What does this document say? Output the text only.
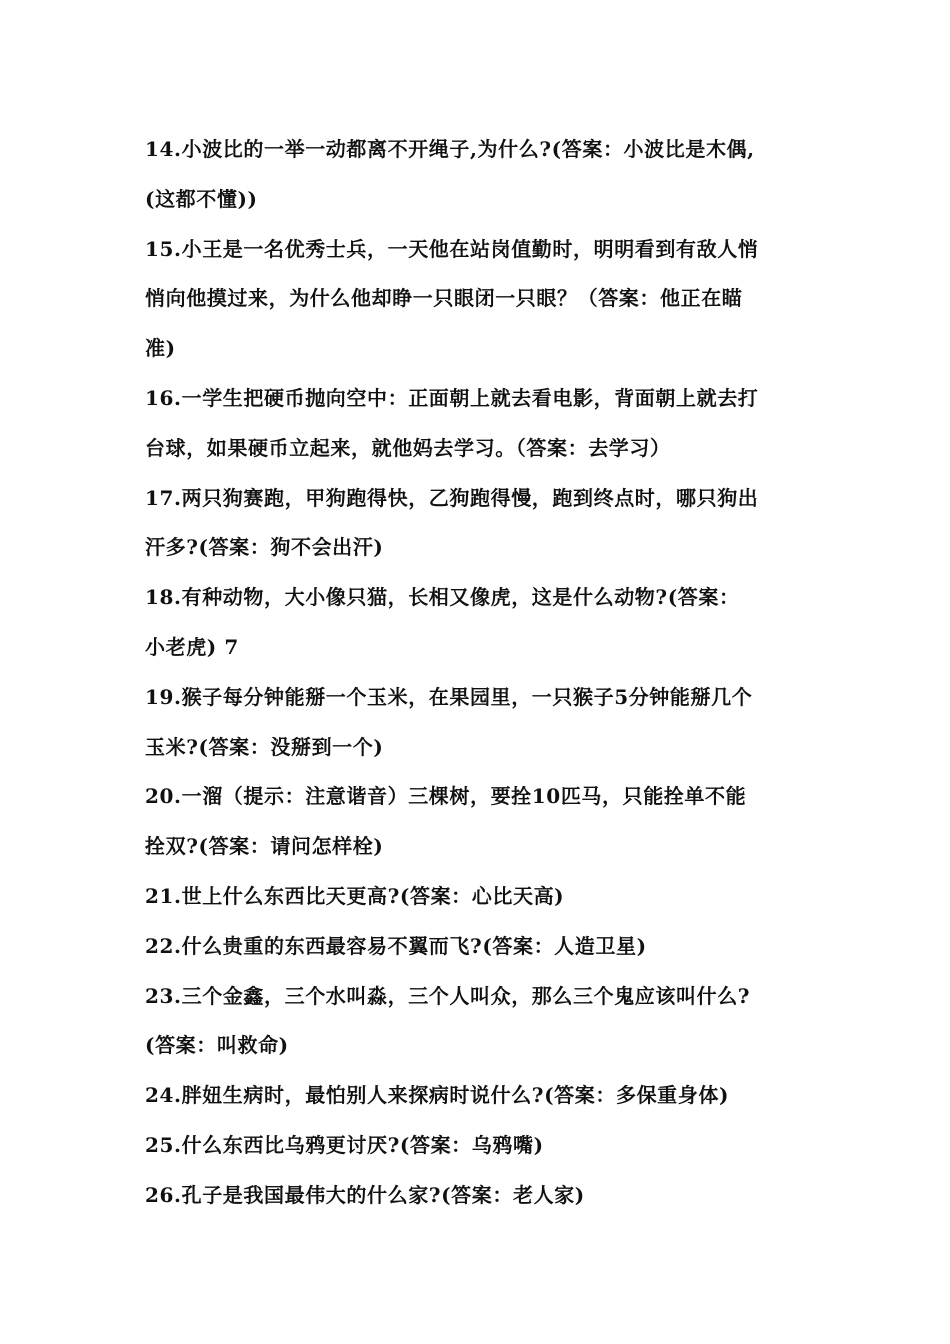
14.小波比的一举一动都离不开绳子,为什么?(答案：小波比是木偶,
(这都不懂))
15.小王是一名优秀士兵，一天他在站岗值勤时，明明看到有敌人悄
悄向他摸过来，为什么他却睁一只眼闭一只眼？（答案：他正在瞄
准)
16.一学生把硬币抛向空中：正面朝上就去看电影，背面朝上就去打
台球，如果硬币立起来，就他妈去学习。（答案：去学习）
17.两只狗赛跑，甲狗跑得快，乙狗跑得慢，跑到终点时，哪只狗出
汗多?(答案：狗不会出汗)
18.有种动物，大小像只猫，长相又像虎，这是什么动物?(答案：
小老虎) 7
19.猴子每分钟能掰一个玉米，在果园里，一只猴子5分钟能掰几个
玉米?(答案：没掰到一个)
20.一溜（提示：注意谐音）三棵树，要拴10匹马，只能拴单不能
拴双?(答案：请问怎样栓)
21.世上什么东西比天更高?(答案：心比天高)
22.什么贵重的东西最容易不翼而飞?(答案：人造卫星)
23.三个金鑫，三个水叫淼，三个人叫众，那么三个鬼应该叫什么?
(答案：叫救命)
24.胖妞生病时，最怕别人来探病时说什么?(答案：多保重身体)
25.什么东西比乌鸦更讨厌?(答案：乌鸦嘴)
26.孔子是我国最伟大的什么家?(答案：老人家)
